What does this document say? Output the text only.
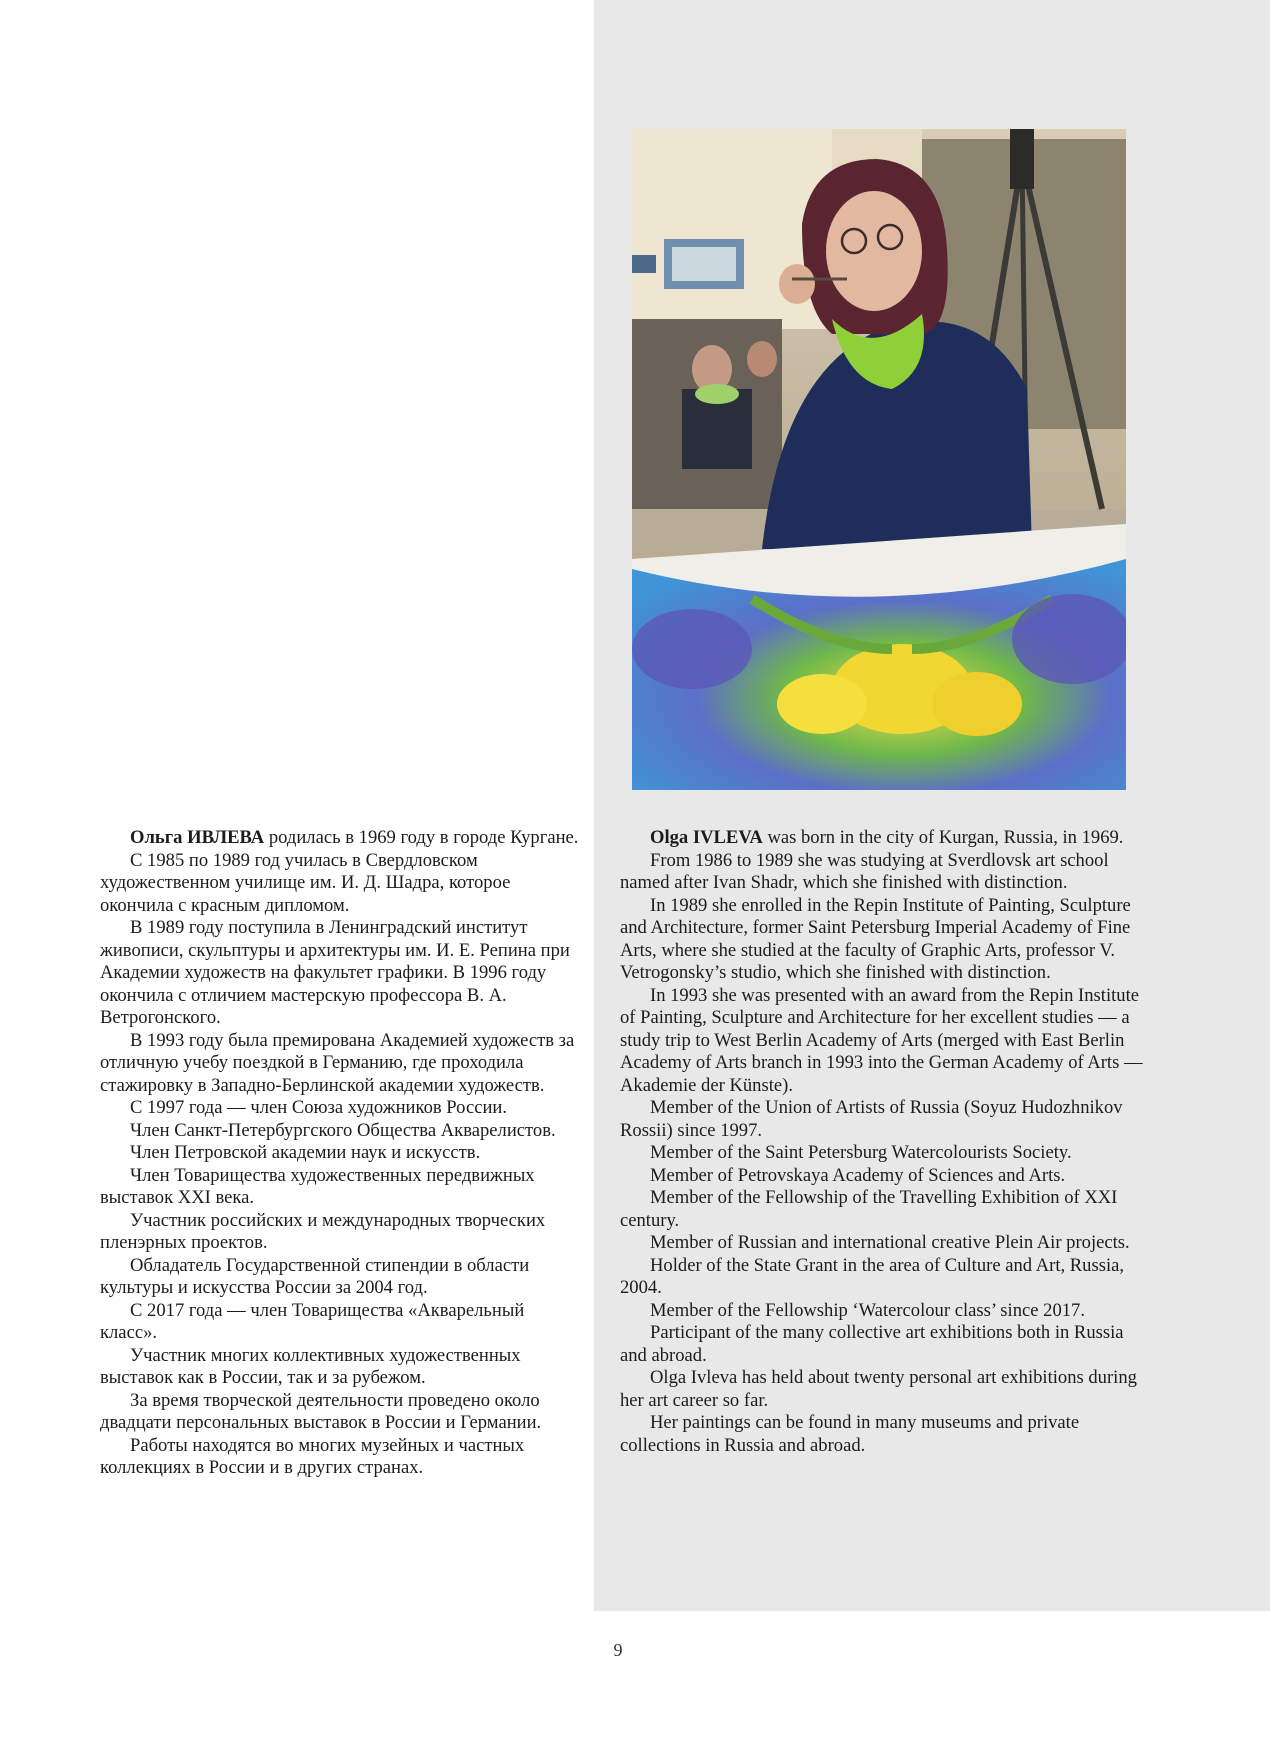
Ольга ИВЛЕВА родилась в 1969 году в городе Кургане.

С 1985 по 1989 год училась в Свердловском художественном училище им. И. Д. Шадра, которое окончила с красным дипломом.

В 1989 году поступила в Ленинградский институт живописи, скульптуры и архитектуры им. И. Е. Репина при Академии художеств на факультет графики. В 1996 году окончила с отличием мастерскую профессора В. А. Ветрогонского.

В 1993 году была премирована Академией художеств за отличную учебу поездкой в Германию, где проходила стажировку в Западно-Берлинской академии художеств.

С 1997 года — член Союза художников России.

Член Санкт-Петербургского Общества Акварелистов.

Член Петровской академии наук и искусств.

Член Товарищества художественных передвижных выставок XXI века.

Участник российских и международных творческих пленэрных проектов.

Обладатель Государственной стипендии в области культуры и искусства России за 2004 год.

С 2017 года — член Товарищества «Акварельный класс».

Участник многих коллективных художественных выставок как в России, так и за рубежом.

За время творческой деятельности проведено около двадцати персональных выставок в России и Германии.

Работы находятся во многих музейных и частных коллекциях в России и в других странах.

Olga IVLEVA was born in the city of Kurgan, Russia, in 1969.

From 1986 to 1989 she was studying at Sverdlovsk art school named after Ivan Shadr, which she finished with distinction.

In 1989 she enrolled in the Repin Institute of Painting, Sculpture and Architecture, former Saint Petersburg Imperial Academy of Fine Arts, where she studied at the faculty of Graphic Arts, professor V. Vetrogonsky’s studio, which she finished with distinction.

In 1993 she was presented with an award from the Repin Institute of Painting, Sculpture and Architecture for her excellent studies — a study trip to West Berlin Academy of Arts (merged with East Berlin Academy of Arts branch in 1993 into the German Academy of Arts — Akademie der Künste).

Member of the Union of Artists of Russia (Soyuz Hudozhnikov Rossii) since 1997.

Member of the Saint Petersburg Watercolourists Society.

Member of Petrovskaya Academy of Sciences and Arts.

Member of the Fellowship of the Travelling Exhibition of XXI century.

Member of Russian and international creative Plein Air projects.

Holder of the State Grant in the area of Culture and Art, Russia, 2004.

Member of the Fellowship ‘Watercolour class’ since 2017.

Participant of the many collective art exhibitions both in Russia and abroad.

Olga Ivleva has held about twenty personal art exhibitions during her art career so far.

Her paintings can be found in many museums and private collections in Russia and abroad.

9
